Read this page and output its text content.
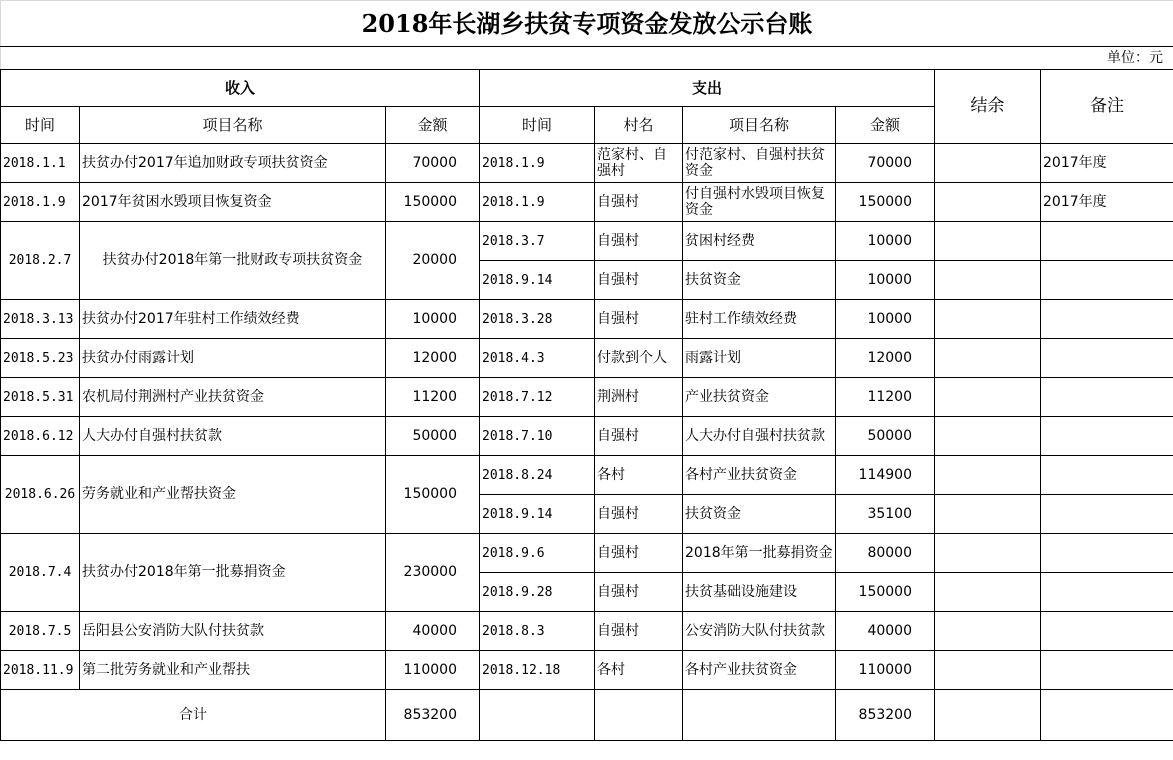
2018年长湖乡扶贫专项资金发放公示台账								
单位：元								
收入			支出				结余	备注
时间	项目名称	金额	时间	村名	项目名称	金额		
2018.1.1	扶贫办付2017年追加财政专项扶贫资金	70000	2018.1.9	范家村、自强村	付范家村、自强村扶贫资金	70000		2017年度
2018.1.9	2017年贫困水毁项目恢复资金	150000	2018.1.9	自强村	付自强村水毁项目恢复资金	150000		2017年度
2018.2.7	扶贫办付2018年第一批财政专项扶贫资金	20000	2018.3.7	自强村	贫困村经费	10000		
			2018.9.14	自强村	扶贫资金	10000		
2018.3.13	扶贫办付2017年驻村工作绩效经费	10000	2018.3.28	自强村	驻村工作绩效经费	10000		
2018.5.23	扶贫办付雨露计划	12000	2018.4.3	付款到个人	雨露计划	12000		
2018.5.31	农机局付荆洲村产业扶贫资金	11200	2018.7.12	荆洲村	产业扶贫资金	11200		
2018.6.12	人大办付自强村扶贫款	50000	2018.7.10	自强村	人大办付自强村扶贫款	50000		
2018.6.26	劳务就业和产业帮扶资金	150000	2018.8.24	各村	各村产业扶贫资金	114900		
			2018.9.14	自强村	扶贫资金	35100		
2018.7.4	扶贫办付2018年第一批募捐资金	230000	2018.9.6	自强村	2018年第一批募捐资金	80000		
			2018.9.28	自强村	扶贫基础设施建设	150000		
2018.7.5	岳阳县公安消防大队付扶贫款	40000	2018.8.3	自强村	公安消防大队付扶贫款	40000		
2018.11.9	第二批劳务就业和产业帮扶	110000	2018.12.18	各村	各村产业扶贫资金	110000		
合计		853200				853200		
